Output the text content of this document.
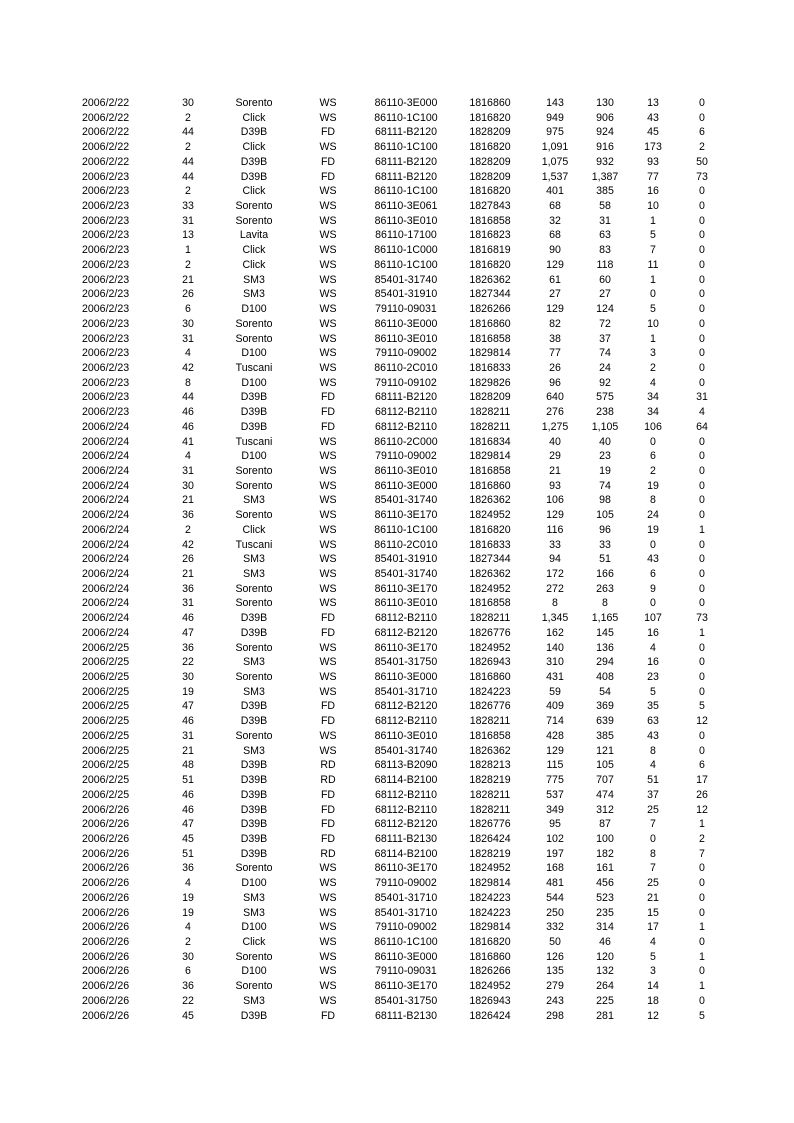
2006/2/22	30	Sorento	WS	86110-3E000	1816860	143	130	13	0
2006/2/22	2	Click	WS	86110-1C100	1816820	949	906	43	0
2006/2/22	44	D39B	FD	68111-B2120	1828209	975	924	45	6
2006/2/22	2	Click	WS	86110-1C100	1816820	1,091	916	173	2
2006/2/22	44	D39B	FD	68111-B2120	1828209	1,075	932	93	50
2006/2/23	44	D39B	FD	68111-B2120	1828209	1,537	1,387	77	73
2006/2/23	2	Click	WS	86110-1C100	1816820	401	385	16	0
2006/2/23	33	Sorento	WS	86110-3E061	1827843	68	58	10	0
2006/2/23	31	Sorento	WS	86110-3E010	1816858	32	31	1	0
2006/2/23	13	Lavita	WS	86110-17100	1816823	68	63	5	0
2006/2/23	1	Click	WS	86110-1C000	1816819	90	83	7	0
2006/2/23	2	Click	WS	86110-1C100	1816820	129	118	11	0
2006/2/23	21	SM3	WS	85401-31740	1826362	61	60	1	0
2006/2/23	26	SM3	WS	85401-31910	1827344	27	27	0	0
2006/2/23	6	D100	WS	79110-09031	1826266	129	124	5	0
2006/2/23	30	Sorento	WS	86110-3E000	1816860	82	72	10	0
2006/2/23	31	Sorento	WS	86110-3E010	1816858	38	37	1	0
2006/2/23	4	D100	WS	79110-09002	1829814	77	74	3	0
2006/2/23	42	Tuscani	WS	86110-2C010	1816833	26	24	2	0
2006/2/23	8	D100	WS	79110-09102	1829826	96	92	4	0
2006/2/23	44	D39B	FD	68111-B2120	1828209	640	575	34	31
2006/2/23	46	D39B	FD	68112-B2110	1828211	276	238	34	4
2006/2/24	46	D39B	FD	68112-B2110	1828211	1,275	1,105	106	64
2006/2/24	41	Tuscani	WS	86110-2C000	1816834	40	40	0	0
2006/2/24	4	D100	WS	79110-09002	1829814	29	23	6	0
2006/2/24	31	Sorento	WS	86110-3E010	1816858	21	19	2	0
2006/2/24	30	Sorento	WS	86110-3E000	1816860	93	74	19	0
2006/2/24	21	SM3	WS	85401-31740	1826362	106	98	8	0
2006/2/24	36	Sorento	WS	86110-3E170	1824952	129	105	24	0
2006/2/24	2	Click	WS	86110-1C100	1816820	116	96	19	1
2006/2/24	42	Tuscani	WS	86110-2C010	1816833	33	33	0	0
2006/2/24	26	SM3	WS	85401-31910	1827344	94	51	43	0
2006/2/24	21	SM3	WS	85401-31740	1826362	172	166	6	0
2006/2/24	36	Sorento	WS	86110-3E170	1824952	272	263	9	0
2006/2/24	31	Sorento	WS	86110-3E010	1816858	8	8	0	0
2006/2/24	46	D39B	FD	68112-B2110	1828211	1,345	1,165	107	73
2006/2/24	47	D39B	FD	68112-B2120	1826776	162	145	16	1
2006/2/25	36	Sorento	WS	86110-3E170	1824952	140	136	4	0
2006/2/25	22	SM3	WS	85401-31750	1826943	310	294	16	0
2006/2/25	30	Sorento	WS	86110-3E000	1816860	431	408	23	0
2006/2/25	19	SM3	WS	85401-31710	1824223	59	54	5	0
2006/2/25	47	D39B	FD	68112-B2120	1826776	409	369	35	5
2006/2/25	46	D39B	FD	68112-B2110	1828211	714	639	63	12
2006/2/25	31	Sorento	WS	86110-3E010	1816858	428	385	43	0
2006/2/25	21	SM3	WS	85401-31740	1826362	129	121	8	0
2006/2/25	48	D39B	RD	68113-B2090	1828213	115	105	4	6
2006/2/25	51	D39B	RD	68114-B2100	1828219	775	707	51	17
2006/2/25	46	D39B	FD	68112-B2110	1828211	537	474	37	26
2006/2/26	46	D39B	FD	68112-B2110	1828211	349	312	25	12
2006/2/26	47	D39B	FD	68112-B2120	1826776	95	87	7	1
2006/2/26	45	D39B	FD	68111-B2130	1826424	102	100	0	2
2006/2/26	51	D39B	RD	68114-B2100	1828219	197	182	8	7
2006/2/26	36	Sorento	WS	86110-3E170	1824952	168	161	7	0
2006/2/26	4	D100	WS	79110-09002	1829814	481	456	25	0
2006/2/26	19	SM3	WS	85401-31710	1824223	544	523	21	0
2006/2/26	19	SM3	WS	85401-31710	1824223	250	235	15	0
2006/2/26	4	D100	WS	79110-09002	1829814	332	314	17	1
2006/2/26	2	Click	WS	86110-1C100	1816820	50	46	4	0
2006/2/26	30	Sorento	WS	86110-3E000	1816860	126	120	5	1
2006/2/26	6	D100	WS	79110-09031	1826266	135	132	3	0
2006/2/26	36	Sorento	WS	86110-3E170	1824952	279	264	14	1
2006/2/26	22	SM3	WS	85401-31750	1826943	243	225	18	0
2006/2/26	45	D39B	FD	68111-B2130	1826424	298	281	12	5
